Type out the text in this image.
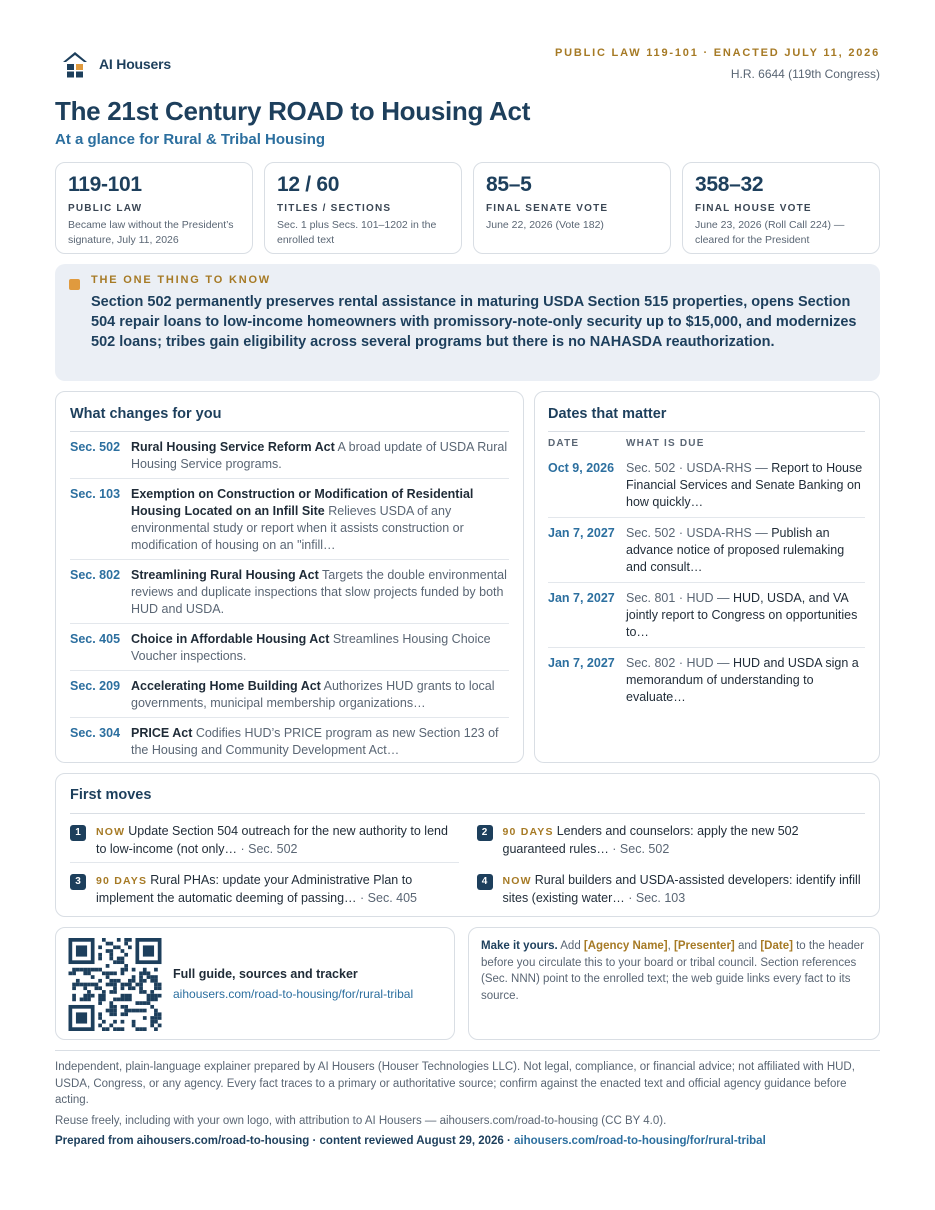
AI Housers
PUBLIC LAW 119-101 · ENACTED JULY 11, 2026
H.R. 6644 (119th Congress)
The 21st Century ROAD to Housing Act
At a glance for Rural & Tribal Housing
119-101
PUBLIC LAW
Became law without the President’s signature, July 11, 2026
12 / 60
TITLES / SECTIONS
Sec. 1 plus Secs. 101–1202 in the enrolled text
85–5
FINAL SENATE VOTE
June 22, 2026 (Vote 182)
358–32
FINAL HOUSE VOTE
June 23, 2026 (Roll Call 224) — cleared for the President
THE ONE THING TO KNOW
Section 502 permanently preserves rental assistance in maturing USDA Section 515 properties, opens Section 504 repair loans to low-income homeowners with promissory-note-only security up to $15,000, and modernizes 502 loans; tribes gain eligibility across several programs but there is no NAHASDA reauthorization.
What changes for you
Sec. 502 Rural Housing Service Reform Act A broad update of USDA Rural Housing Service programs.
Sec. 103 Exemption on Construction or Modification of Residential Housing Located on an Infill Site Relieves USDA of any environmental study or report when it assists construction or modification of housing on an "infill…
Sec. 802 Streamlining Rural Housing Act Targets the double environmental reviews and duplicate inspections that slow projects funded by both HUD and USDA.
Sec. 405 Choice in Affordable Housing Act Streamlines Housing Choice Voucher inspections.
Sec. 209 Accelerating Home Building Act Authorizes HUD grants to local governments, municipal membership organizations…
Sec. 304 PRICE Act Codifies HUD’s PRICE program as new Section 123 of the Housing and Community Development Act…
Dates that matter
DATE	WHAT IS DUE
Oct 9, 2026 Sec. 502 · USDA-RHS — Report to House Financial Services and Senate Banking on how quickly…
Jan 7, 2027 Sec. 502 · USDA-RHS — Publish an advance notice of proposed rulemaking and consult…
Jan 7, 2027 Sec. 801 · HUD — HUD, USDA, and VA jointly report to Congress on opportunities to…
Jan 7, 2027 Sec. 802 · HUD — HUD and USDA sign a memorandum of understanding to evaluate…
First moves
1	NOW Update Section 504 outreach for the new authority to lend to low-income (not only… · Sec. 502
2	90 DAYS Lenders and counselors: apply the new 502 guaranteed rules… · Sec. 502
3	90 DAYS Rural PHAs: update your Administrative Plan to implement the automatic deeming of passing… · Sec. 405
4	NOW Rural builders and USDA-assisted developers: identify infill sites (existing water… · Sec. 103
Full guide, sources and tracker
aihousers.com/road-to-housing/for/rural-tribal
Make it yours. Add [Agency Name], [Presenter] and [Date] to the header before you circulate this to your board or tribal council. Section references (Sec. NNN) point to the enrolled text; the web guide links every fact to its source.

Independent, plain-language explainer prepared by AI Housers (Houser Technologies LLC). Not legal, compliance, or financial advice; not affiliated with HUD, USDA, Congress, or any agency. Every fact traces to a primary or authoritative source; confirm against the enacted text and official agency guidance before acting.

Reuse freely, including with your own logo, with attribution to AI Housers — aihousers.com/road-to-housing (CC BY 4.0).

Prepared from aihousers.com/road-to-housing · content reviewed August 29, 2026 · aihousers.com/road-to-housing/for/rural-tribal
